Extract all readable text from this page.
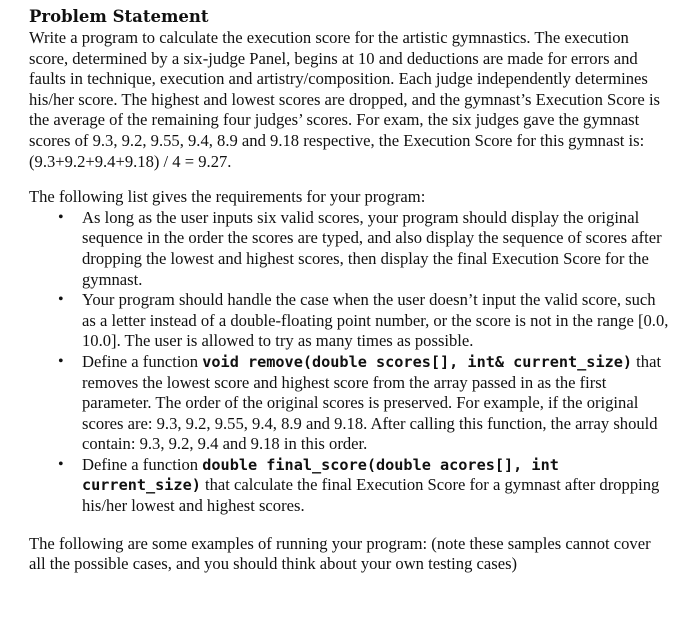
Problem Statement

Write a program to calculate the execution score for the artistic gymnastics. The execution score, determined by a six-judge Panel, begins at 10 and deductions are made for errors and faults in technique, execution and artistry/composition. Each judge independently determines his/her score. The highest and lowest scores are dropped, and the gymnast’s Execution Score is the average of the remaining four judges’ scores. For exam, the six judges gave the gymnast scores of 9.3, 9.2, 9.55, 9.4, 8.9 and 9.18 respective, the Execution Score for this gymnast is: (9.3+9.2+9.4+9.18) / 4 = 9.27.

The following list gives the requirements for your program:

• As long as the user inputs six valid scores, your program should display the original sequence in the order the scores are typed, and also display the sequence of scores after dropping the lowest and highest scores, then display the final Execution Score for the gymnast.
• Your program should handle the case when the user doesn’t input the valid score, such as a letter instead of a double-floating point number, or the score is not in the range [0.0, 10.0]. The user is allowed to try as many times as possible.
• Define a function void remove(double scores[], int& current_size) that removes the lowest score and highest score from the array passed in as the first parameter. The order of the original scores is preserved. For example, if the original scores are: 9.3, 9.2, 9.55, 9.4, 8.9 and 9.18. After calling this function, the array should contain: 9.3, 9.2, 9.4 and 9.18 in this order.
• Define a function double final_score(double acores[], int current_size) that calculate the final Execution Score for a gymnast after dropping his/her lowest and highest scores.

The following are some examples of running your program: (note these samples cannot cover all the possible cases, and you should think about your own testing cases)
